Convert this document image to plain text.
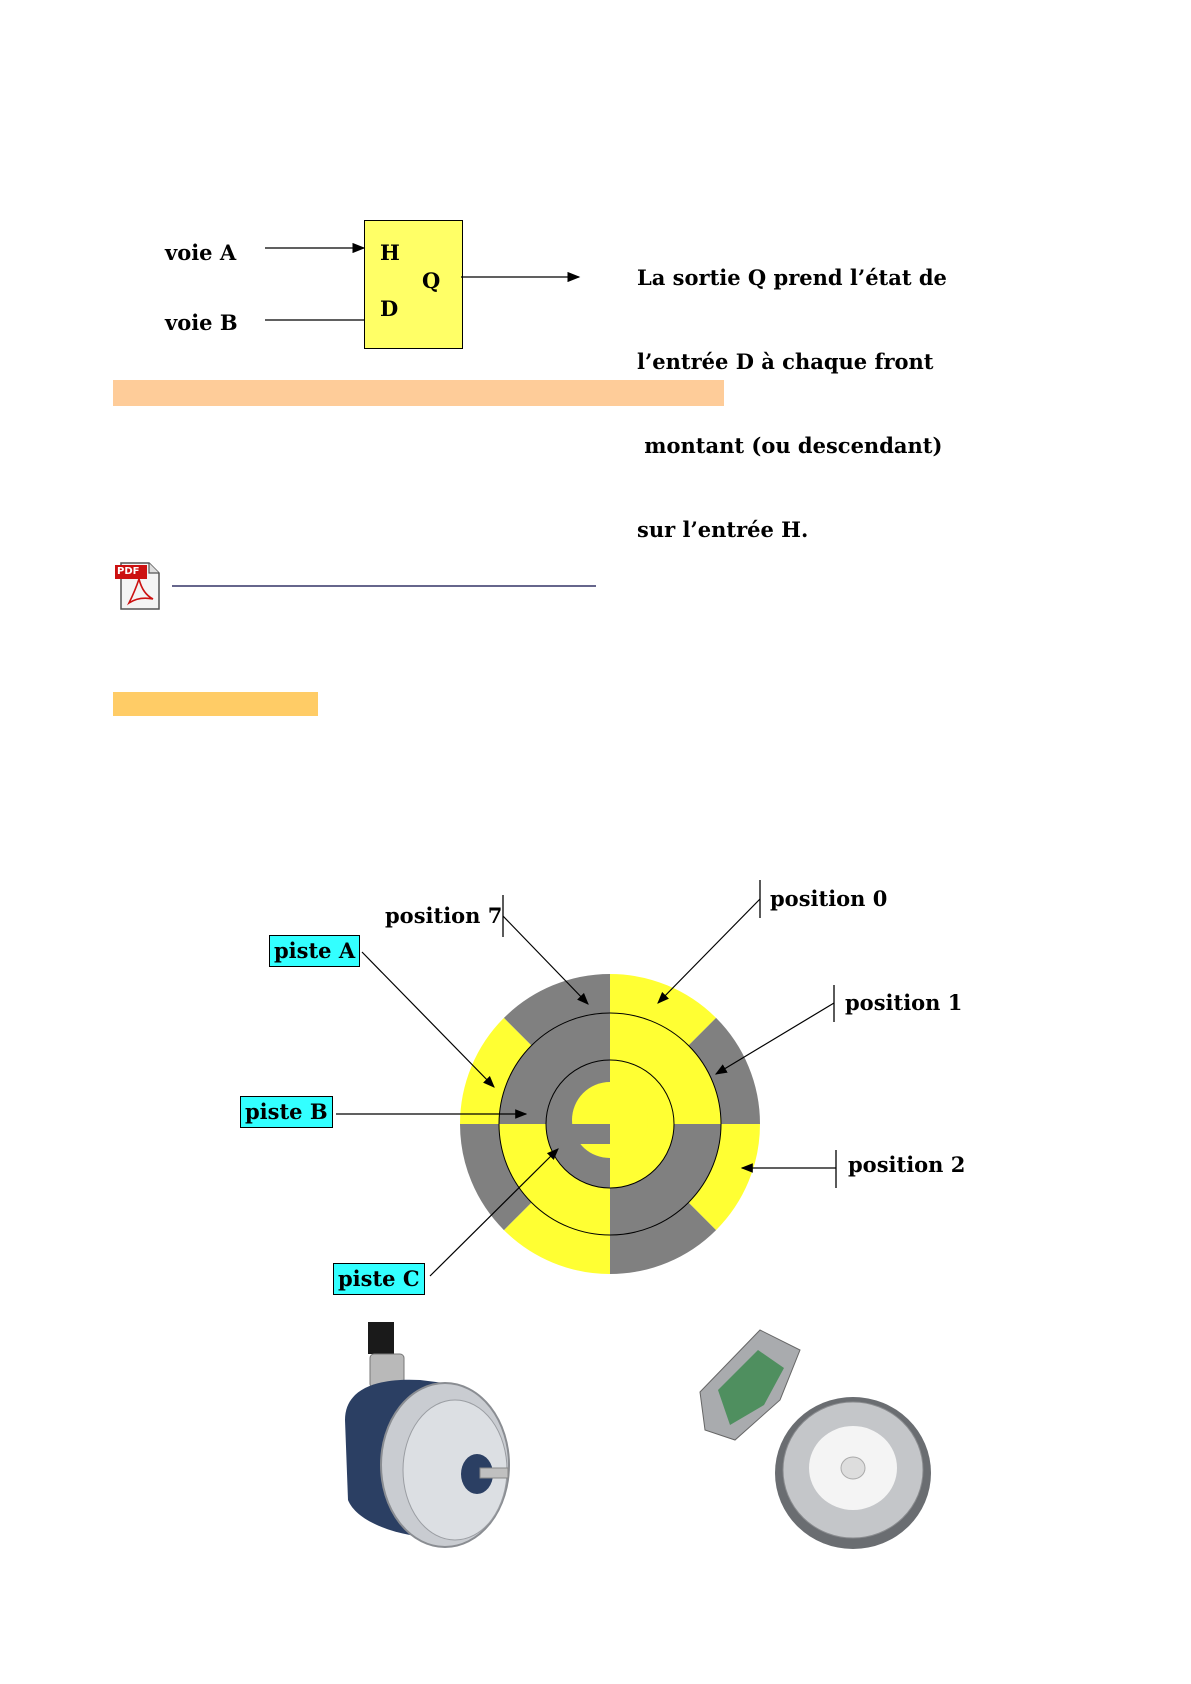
voie A
voie B
H
D
Q

	La sortie Q prend l’état de

l’entrée D à chaque front

montant (ou descendant)

sur l’entrée H.

PDF
position 7
position 0
position 1
position 2
piste A
piste B
piste C
